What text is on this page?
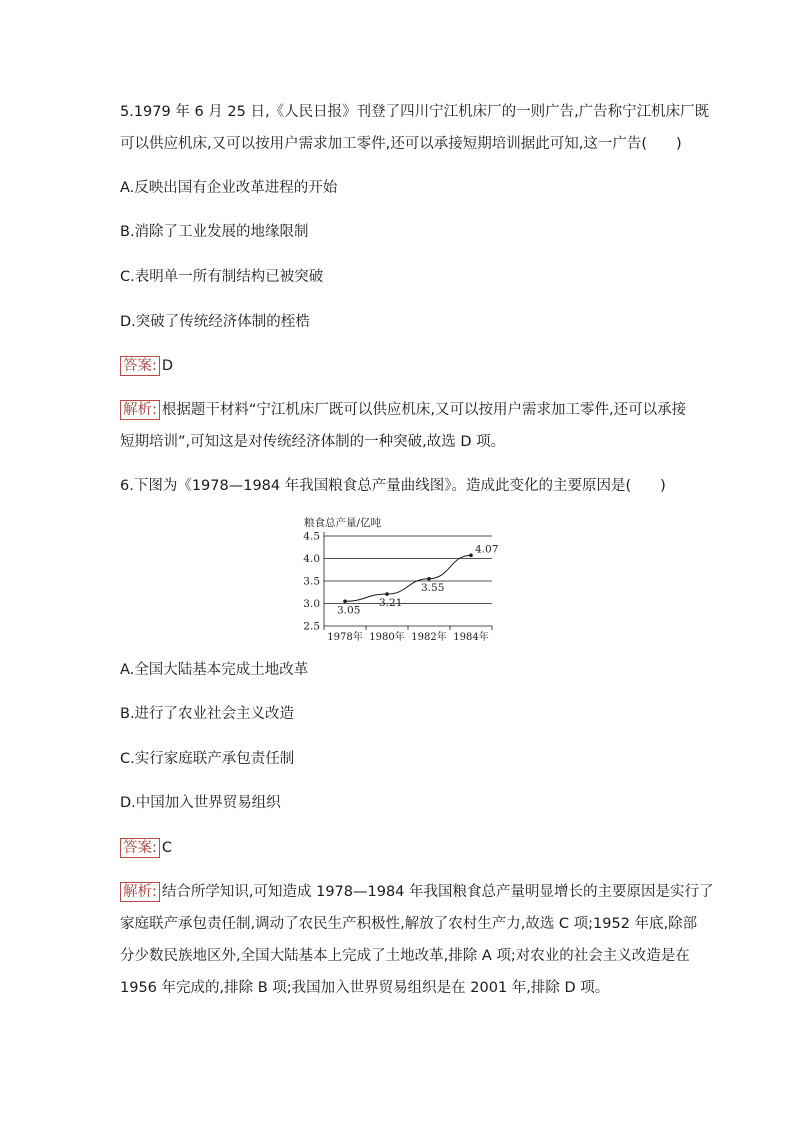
5.1979 年 6 月 25 日,《人民日报》刊登了四川宁江机床厂的一则广告,广告称宁江机床厂既
可以供应机床,又可以按用户需求加工零件,还可以承接短期培训据此可知,这一广告(　　)
A.反映出国有企业改革进程的开始
B.消除了工业发展的地缘限制
C.表明单一所有制结构已被突破
D.突破了传统经济体制的桎梏
答案: D
解析: 根据题干材料“宁江机床厂既可以供应机床,又可以按用户需求加工零件,还可以承接
短期培训”,可知这是对传统经济体制的一种突破,故选 D 项。
6.下图为《1978—1984 年我国粮食总产量曲线图》。造成此变化的主要原因是(　　)
粮食总产量/亿吨
2.5
3.0
3.5
4.0
4.5
1978年 1980年 1982年 1984年
3.05
3.21
3.55
4.07
A.全国大陆基本完成土地改革
B.进行了农业社会主义改造
C.实行家庭联产承包责任制
D.中国加入世界贸易组织
答案: C
解析: 结合所学知识,可知造成 1978—1984 年我国粮食总产量明显增长的主要原因是实行了
家庭联产承包责任制,调动了农民生产积极性,解放了农村生产力,故选 C 项;1952 年底,除部
分少数民族地区外,全国大陆基本上完成了土地改革,排除 A 项;对农业的社会主义改造是在
1956 年完成的,排除 B 项;我国加入世界贸易组织是在 2001 年,排除 D 项。
